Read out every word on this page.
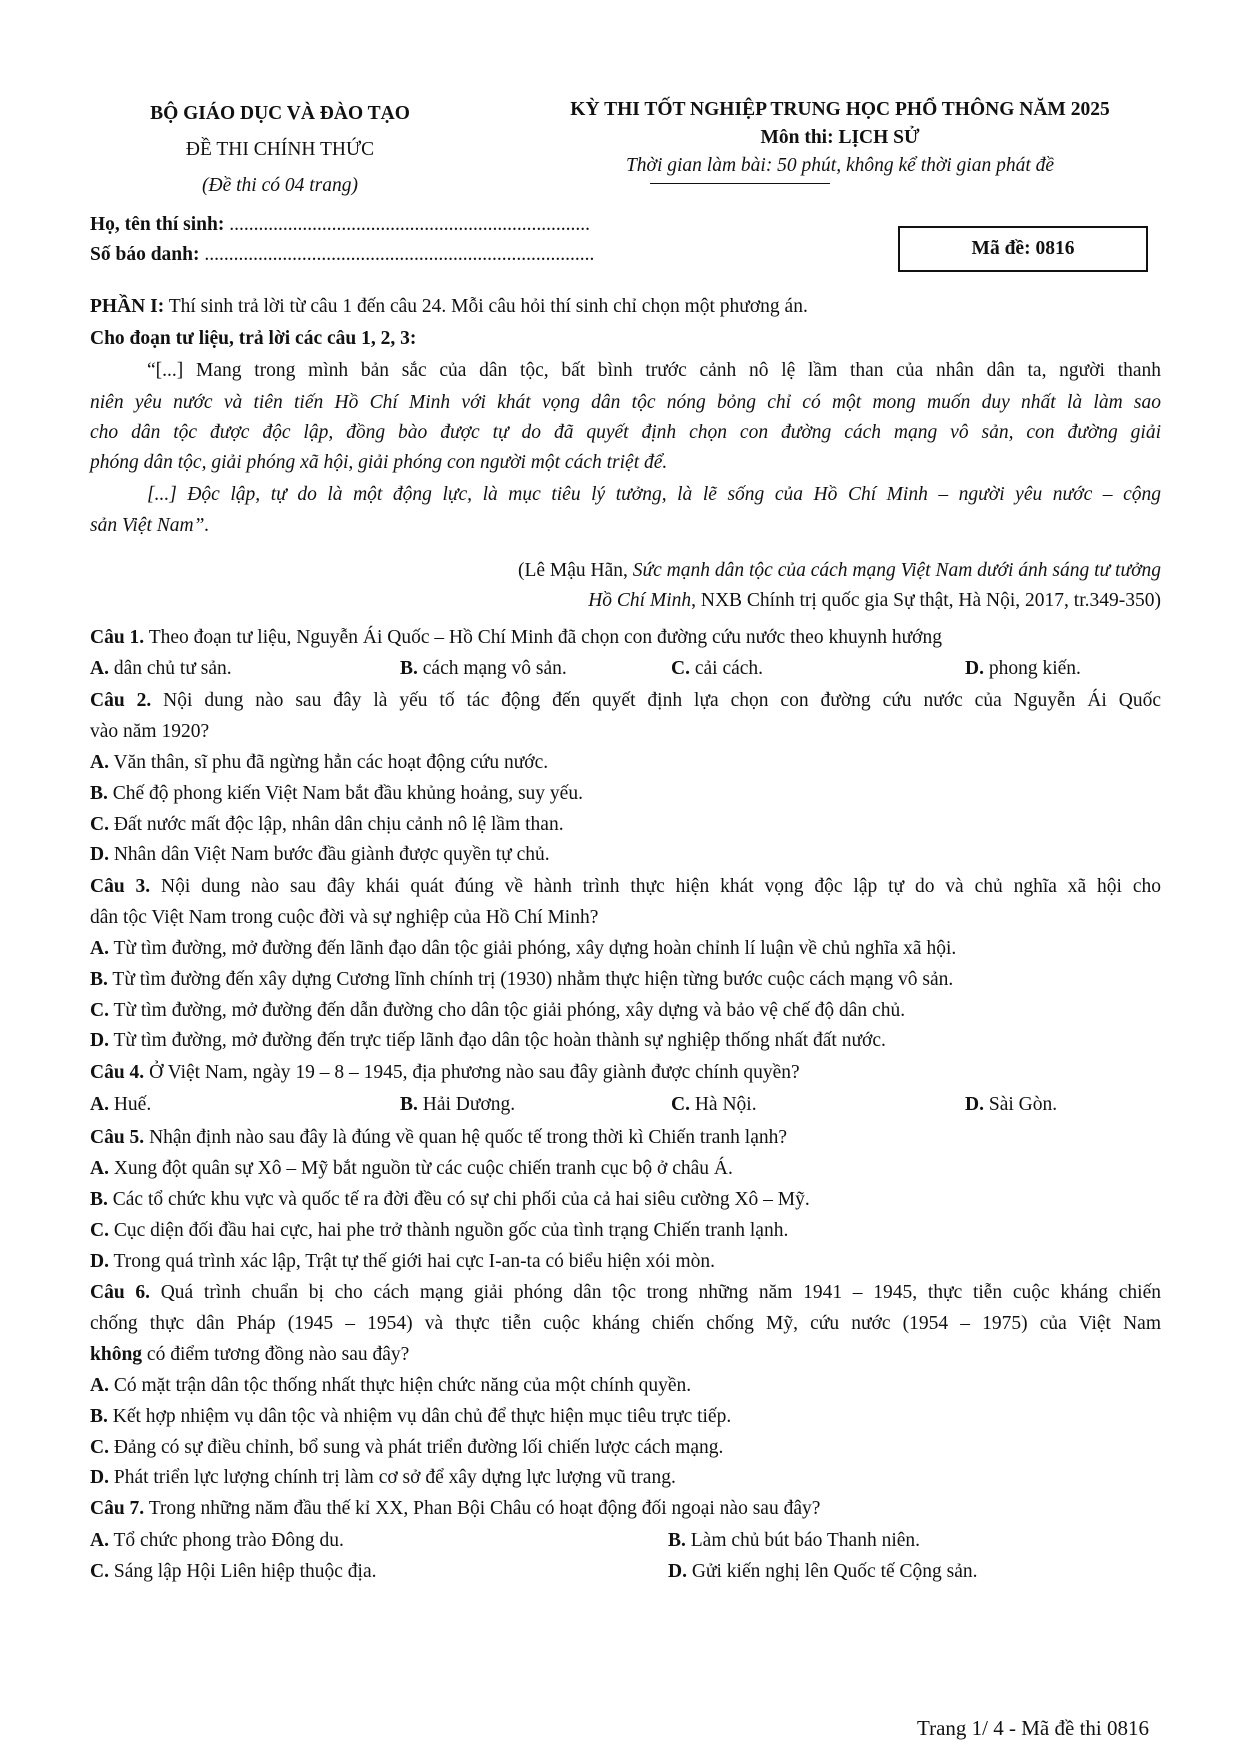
BỘ GIÁO DỤC VÀ ĐÀO TẠO
ĐỀ THI CHÍNH THỨC
(Đề thi có 04 trang)
KỲ THI TỐT NGHIỆP TRUNG HỌC PHỔ THÔNG NĂM 2025
Môn thi: LỊCH SỬ
Thời gian làm bài: 50 phút, không kể thời gian phát đề
Họ, tên thí sinh: ..........................................................................
Số báo danh: ................................................................................	Mã đề: 0816
PHẦN I: Thí sinh trả lời từ câu 1 đến câu 24. Mỗi câu hỏi thí sinh chỉ chọn một phương án.
Cho đoạn tư liệu, trả lời các câu 1, 2, 3:
“[...] Mang trong mình bản sắc của dân tộc, bất bình trước cảnh nô lệ lầm than của nhân dân ta, người thanh
niên yêu nước và tiên tiến Hồ Chí Minh với khát vọng dân tộc nóng bỏng chỉ có một mong muốn duy nhất là làm sao
cho dân tộc được độc lập, đồng bào được tự do đã quyết định chọn con đường cách mạng vô sản, con đường giải
phóng dân tộc, giải phóng xã hội, giải phóng con người một cách triệt để.
[...] Độc lập, tự do là một động lực, là mục tiêu lý tưởng, là lẽ sống của Hồ Chí Minh – người yêu nước – cộng
sản Việt Nam”.
(Lê Mậu Hãn, Sức mạnh dân tộc của cách mạng Việt Nam dưới ánh sáng tư tưởng
Hồ Chí Minh, NXB Chính trị quốc gia Sự thật, Hà Nội, 2017, tr.349-350)
Câu 1. Theo đoạn tư liệu, Nguyễn Ái Quốc – Hồ Chí Minh đã chọn con đường cứu nước theo khuynh hướng
A. dân chủ tư sản.	B. cách mạng vô sản.	C. cải cách.	D. phong kiến.
Câu 2. Nội dung nào sau đây là yếu tố tác động đến quyết định lựa chọn con đường cứu nước của Nguyễn Ái Quốc
vào năm 1920?
A. Văn thân, sĩ phu đã ngừng hẳn các hoạt động cứu nước.
B. Chế độ phong kiến Việt Nam bắt đầu khủng hoảng, suy yếu.
C. Đất nước mất độc lập, nhân dân chịu cảnh nô lệ lầm than.
D. Nhân dân Việt Nam bước đầu giành được quyền tự chủ.
Câu 3. Nội dung nào sau đây khái quát đúng về hành trình thực hiện khát vọng độc lập tự do và chủ nghĩa xã hội cho
dân tộc Việt Nam trong cuộc đời và sự nghiệp của Hồ Chí Minh?
A. Từ tìm đường, mở đường đến lãnh đạo dân tộc giải phóng, xây dựng hoàn chỉnh lí luận về chủ nghĩa xã hội.
B. Từ tìm đường đến xây dựng Cương lĩnh chính trị (1930) nhằm thực hiện từng bước cuộc cách mạng vô sản.
C. Từ tìm đường, mở đường đến dẫn đường cho dân tộc giải phóng, xây dựng và bảo vệ chế độ dân chủ.
D. Từ tìm đường, mở đường đến trực tiếp lãnh đạo dân tộc hoàn thành sự nghiệp thống nhất đất nước.
Câu 4. Ở Việt Nam, ngày 19 – 8 – 1945, địa phương nào sau đây giành được chính quyền?
A. Huế.	B. Hải Dương.	C. Hà Nội.	D. Sài Gòn.
Câu 5. Nhận định nào sau đây là đúng về quan hệ quốc tế trong thời kì Chiến tranh lạnh?
A. Xung đột quân sự Xô – Mỹ bắt nguồn từ các cuộc chiến tranh cục bộ ở châu Á.
B. Các tổ chức khu vực và quốc tế ra đời đều có sự chi phối của cả hai siêu cường Xô – Mỹ.
C. Cục diện đối đầu hai cực, hai phe trở thành nguồn gốc của tình trạng Chiến tranh lạnh.
D. Trong quá trình xác lập, Trật tự thế giới hai cực I-an-ta có biểu hiện xói mòn.
Câu 6. Quá trình chuẩn bị cho cách mạng giải phóng dân tộc trong những năm 1941 – 1945, thực tiễn cuộc kháng chiến
chống thực dân Pháp (1945 – 1954) và thực tiễn cuộc kháng chiến chống Mỹ, cứu nước (1954 – 1975) của Việt Nam
không có điểm tương đồng nào sau đây?
A. Có mặt trận dân tộc thống nhất thực hiện chức năng của một chính quyền.
B. Kết hợp nhiệm vụ dân tộc và nhiệm vụ dân chủ để thực hiện mục tiêu trực tiếp.
C. Đảng có sự điều chỉnh, bổ sung và phát triển đường lối chiến lược cách mạng.
D. Phát triển lực lượng chính trị làm cơ sở để xây dựng lực lượng vũ trang.
Câu 7. Trong những năm đầu thế kỉ XX, Phan Bội Châu có hoạt động đối ngoại nào sau đây?
A. Tổ chức phong trào Đông du.	B. Làm chủ bút báo Thanh niên.
C. Sáng lập Hội Liên hiệp thuộc địa.	D. Gửi kiến nghị lên Quốc tế Cộng sản.
Trang 1/ 4 - Mã đề thi 0816
